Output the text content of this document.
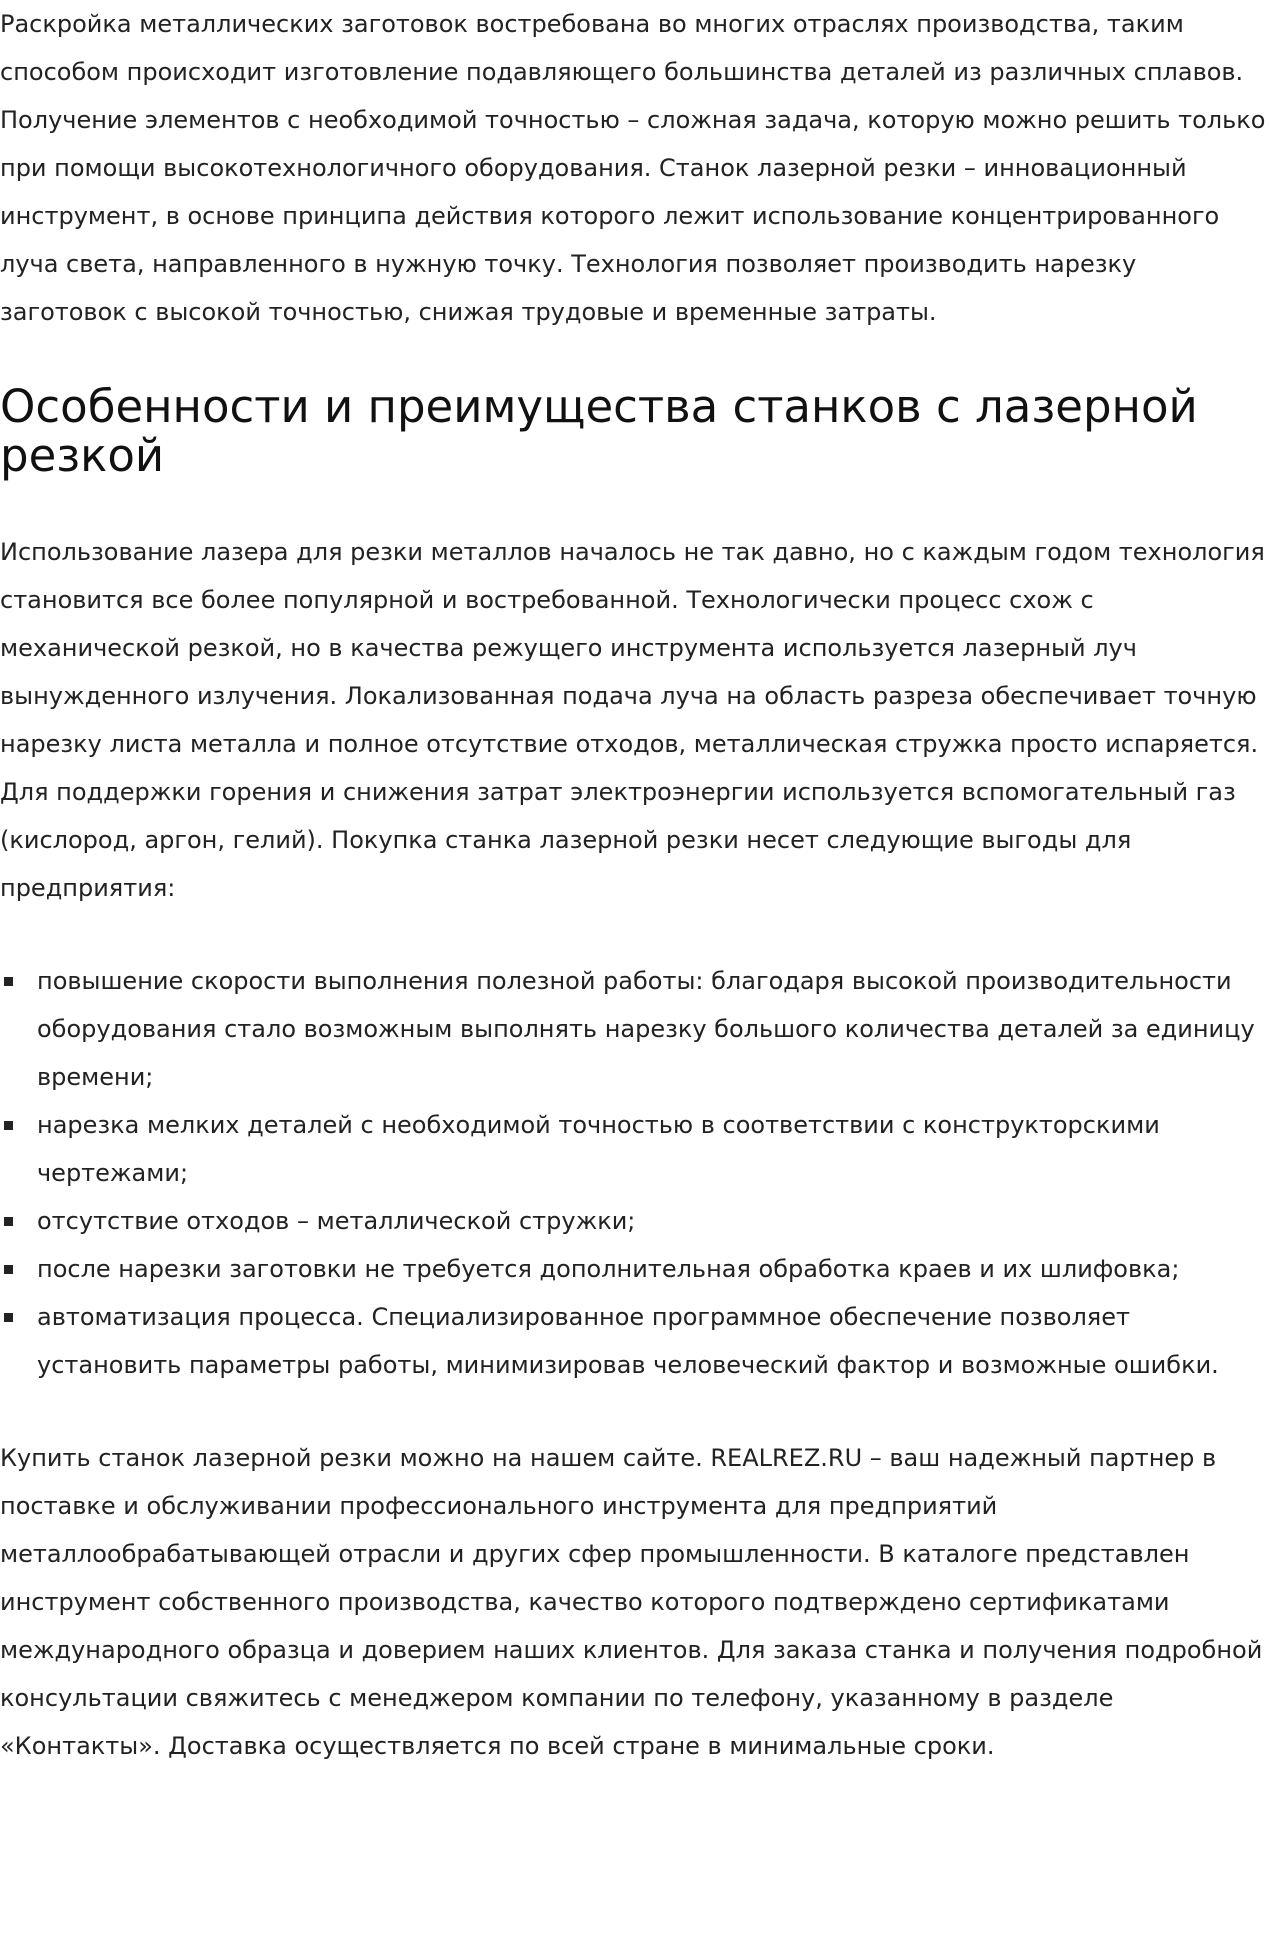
Раскройка металлических заготовок востребована во многих отраслях производства, таким способом происходит изготовление подавляющего большинства деталей из различных сплавов. Получение элементов с необходимой точностью – сложная задача, которую можно решить только при помощи высокотехнологичного оборудования. Станок лазерной резки – инновационный инструмент, в основе принципа действия которого лежит использование концентрированного луча света, направленного в нужную точку. Технология позволяет производить нарезку заготовок с высокой точностью, снижая трудовые и временные затраты.

Особенности и преимущества станков с лазерной резкой

Использование лазера для резки металлов началось не так давно, но с каждым годом технология становится все более популярной и востребованной. Технологически процесс схож с механической резкой, но в качества режущего инструмента используется лазерный луч вынужденного излучения. Локализованная подача луча на область разреза обеспечивает точную нарезку листа металла и полное отсутствие отходов, металлическая стружка просто испаряется. Для поддержки горения и снижения затрат электроэнергии используется вспомогательный газ (кислород, аргон, гелий). Покупка станка лазерной резки несет следующие выгоды для предприятия:

повышение скорости выполнения полезной работы: благодаря высокой производительности оборудования стало возможным выполнять нарезку большого количества деталей за единицу времени;
нарезка мелких деталей с необходимой точностью в соответствии с конструкторскими чертежами;
отсутствие отходов – металлической стружки;
после нарезки заготовки не требуется дополнительная обработка краев и их шлифовка;
автоматизация процесса. Специализированное программное обеспечение позволяет установить параметры работы, минимизировав человеческий фактор и возможные ошибки.

Купить станок лазерной резки можно на нашем сайте. REALREZ.RU – ваш надежный партнер в поставке и обслуживании профессионального инструмента для предприятий металлообрабатывающей отрасли и других сфер промышленности. В каталоге представлен инструмент собственного производства, качество которого подтверждено сертификатами международного образца и доверием наших клиентов. Для заказа станка и получения подробной консультации свяжитесь с менеджером компании по телефону, указанному в разделе «Контакты». Доставка осуществляется по всей стране в минимальные сроки.
